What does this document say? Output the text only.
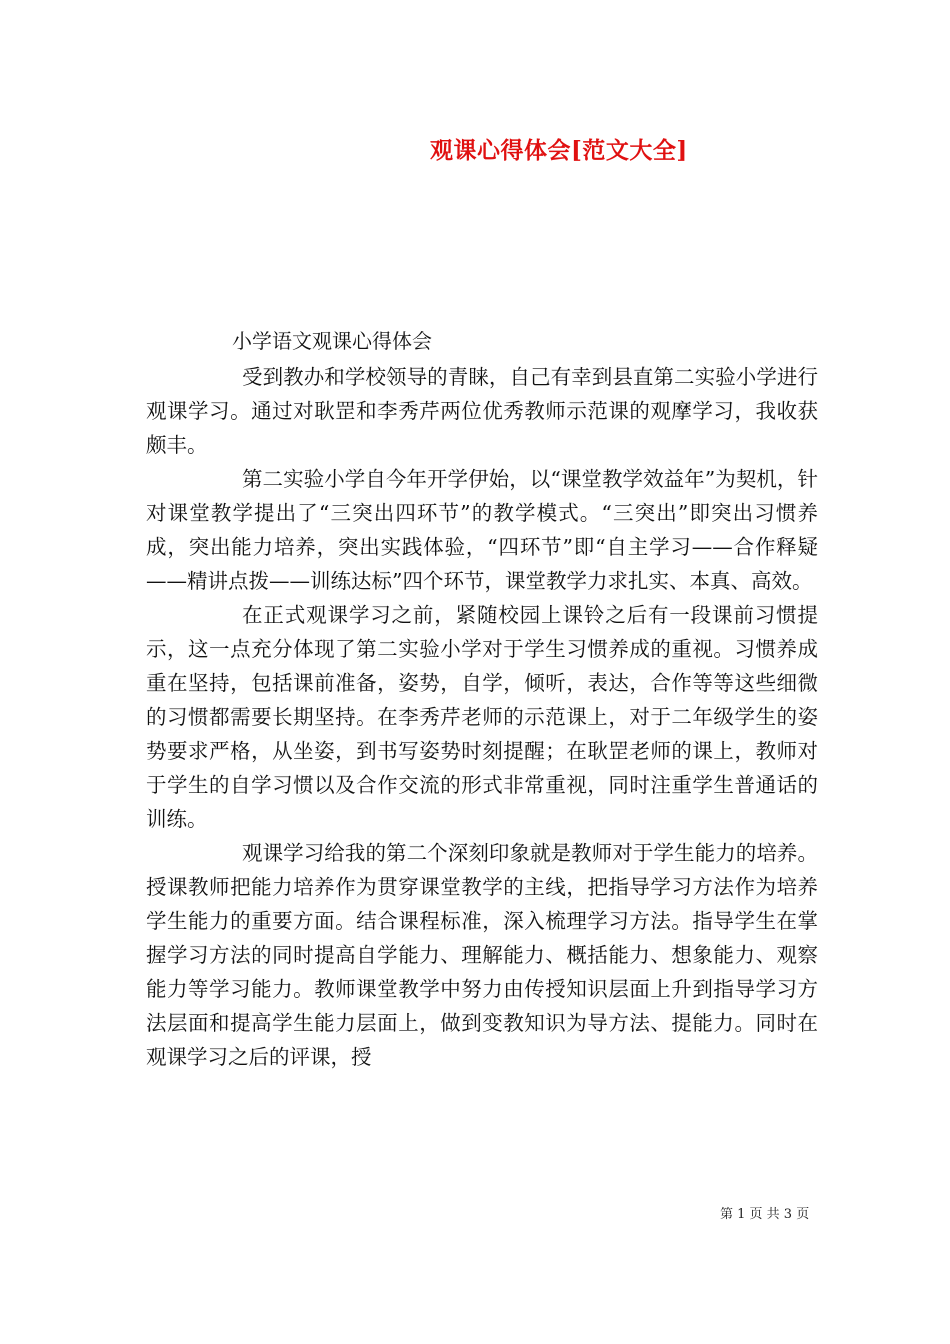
观课心得体会[范文大全]
小学语文观课心得体会

受到教办和学校领导的青睐，自己有幸到县直第二实验小学进行观课学习。通过对耿罡和李秀芹两位优秀教师示范课的观摩学习，我收获颇丰。

第二实验小学自今年开学伊始，以“课堂教学效益年”为契机，针对课堂教学提出了“三突出四环节”的教学模式。“三突出”即突出习惯养成，突出能力培养，突出实践体验，“四环节”即“自主学习——合作释疑——精讲点拨——训练达标”四个环节，课堂教学力求扎实、本真、高效。

在正式观课学习之前，紧随校园上课铃之后有一段课前习惯提示，这一点充分体现了第二实验小学对于学生习惯养成的重视。习惯养成重在坚持，包括课前准备，姿势，自学，倾听，表达，合作等等这些细微的习惯都需要长期坚持。在李秀芹老师的示范课上，对于二年级学生的姿势要求严格，从坐姿，到书写姿势时刻提醒；在耿罡老师的课上，教师对于学生的自学习惯以及合作交流的形式非常重视，同时注重学生普通话的训练。

观课学习给我的第二个深刻印象就是教师对于学生能力的培养。授课教师把能力培养作为贯穿课堂教学的主线，把指导学习方法作为培养学生能力的重要方面。结合课程标准，深入梳理学习方法。指导学生在掌握学习方法的同时提高自学能力、理解能力、概括能力、想象能力、观察能力等学习能力。教师课堂教学中努力由传授知识层面上升到指导学习方法层面和提高学生能力层面上，做到变教知识为导方法、提能力。同时在观课学习之后的评课，授

第 1 页 共 3 页
